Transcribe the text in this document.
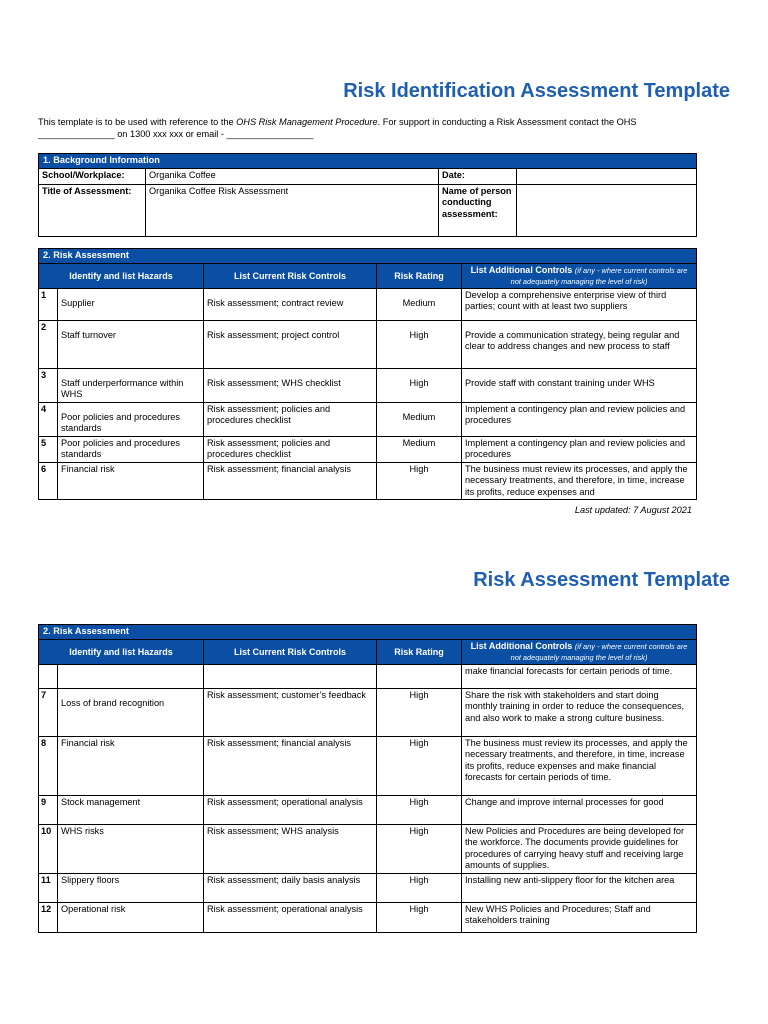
Risk Identification Assessment Template
This template is to be used with reference to the OHS Risk Management Procedure. For support in conducting a Risk Assessment contact the OHS
_______________ on 1300 xxx xxx or email - _________________
1. Background Information			
School/Workplace:	Organika Coffee	Date:	
Title of Assessment:	Organika Coffee Risk Assessment	Name of person conducting assessment:	
2. Risk Assessment				
Identify and list Hazards		List Current Risk Controls	Risk Rating	List Additional Controls (if any - where current controls are not adequately managing the level of risk)
1	Supplier	Risk assessment; contract review	Medium	Develop a comprehensive enterprise view of third parties; count with at least two suppliers
2	Staff turnover	Risk assessment; project control	High	Provide a communication strategy, being regular and clear to address changes and new process to staff
3	Staff underperformance within WHS	Risk assessment; WHS checklist	High	Provide staff with constant training under WHS
4	Poor policies and procedures standards	Risk assessment; policies and procedures checklist	Medium	Implement a contingency plan and review policies and procedures
5	Poor policies and procedures standards	Risk assessment; policies and procedures checklist	Medium	Implement a contingency plan and review policies and procedures
6	Financial risk	Risk assessment; financial analysis	High	The business must review its processes, and apply the necessary treatments, and therefore, in time, increase its profits, reduce expenses and
Last updated: 7 August 2021
Risk Assessment Template
2. Risk Assessment				
Identify and list Hazards		List Current Risk Controls	Risk Rating	List Additional Controls (if any - where current controls are not adequately managing the level of risk)
				make financial forecasts for certain periods of time.
7	Loss of brand recognition	Risk assessment; customer’s feedback	High	Share the risk with stakeholders and start doing monthly training in order to reduce the consequences, and also work to make a strong culture business.
8	Financial risk	Risk assessment; financial analysis	High	The business must review its processes, and apply the necessary treatments, and therefore, in time, increase its profits, reduce expenses and make financial forecasts for certain periods of time.
9	Stock management	Risk assessment; operational analysis	High	Change and improve internal processes for good
10	WHS risks	Risk assessment; WHS analysis	High	New Policies and Procedures are being developed for the workforce. The documents provide guidelines for procedures of carrying heavy stuff and receiving large amounts of supplies.
11	Slippery floors	Risk assessment; daily basis analysis	High	Installing new anti-slippery floor for the kitchen area
12	Operational risk	Risk assessment; operational analysis	High	New WHS Policies and Procedures; Staff and stakeholders training
